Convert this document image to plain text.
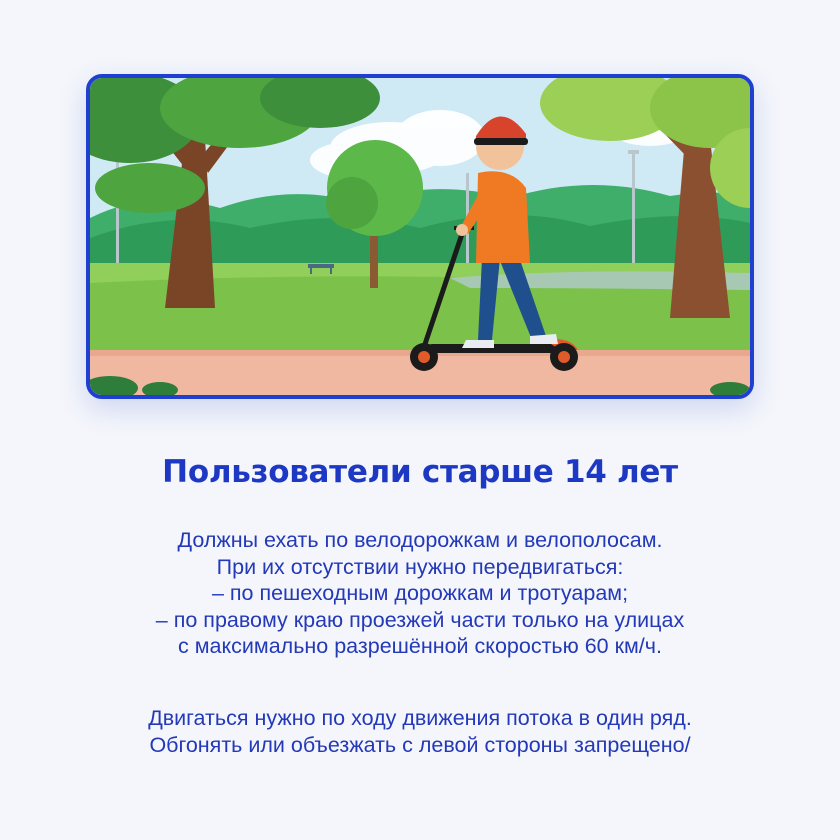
Пользователи старше 14 лет
Должны ехать по велодорожкам и велополосам.
При их отсутствии нужно передвигаться:
– по пешеходным дорожкам и тротуарам;
– по правому краю проезжей части только на улицах
с максимально разрешённой скоростью 60 км/ч.
Двигаться нужно по ходу движения потока в один ряд.
Обгонять или объезжать с левой стороны запрещено/
